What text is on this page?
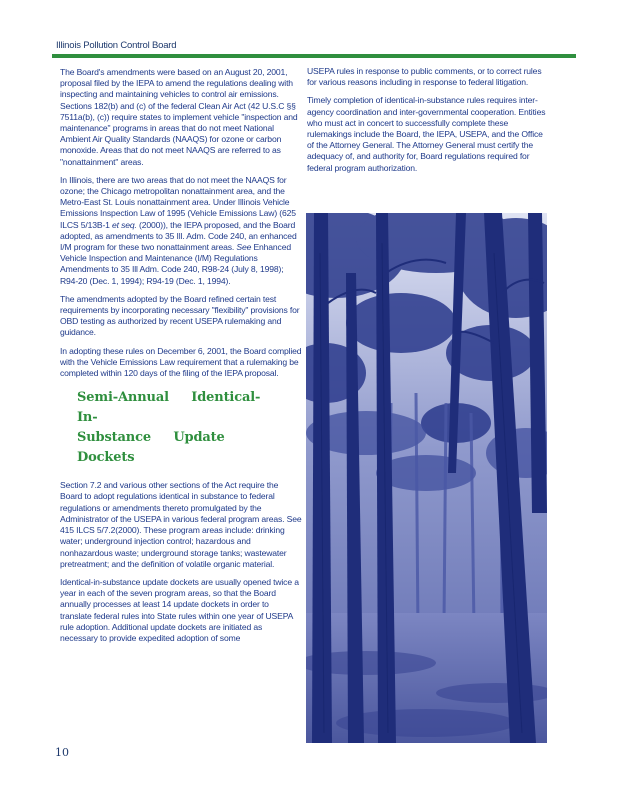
Illinois Pollution Control Board

The Board's amendments were based on an August 20, 2001, proposal filed by the IEPA to amend the regulations dealing with inspecting and maintaining vehicles to control air emissions. Sections 182(b) and (c) of the federal Clean Air Act (42 U.S.C §§ 7511a(b), (c)) require states to implement vehicle "inspection and maintenance" programs in areas that do not meet National Ambient Air Quality Standards (NAAQS) for ozone or carbon monoxide. Areas that do not meet NAAQS are referred to as "nonattainment" areas.

In Illinois, there are two areas that do not meet the NAAQS for ozone; the Chicago metropolitan nonattainment area, and the Metro-East St. Louis nonattainment area. Under Illinois Vehicle Emissions Inspection Law of 1995 (Vehicle Emissions Law) (625 ILCS 5/13B-1 et seq. (2000)), the IEPA proposed, and the Board adopted, as amendments to 35 Ill. Adm. Code 240, an enhanced I/M program for these two nonattainment areas. See Enhanced Vehicle Inspection and Maintenance (I/M) Regulations Amendments to 35 Ill Adm. Code 240, R98-24 (July 8, 1998); R94-20 (Dec. 1, 1994); R94-19 (Dec. 1, 1994).

The amendments adopted by the Board refined certain test requirements by incorporating necessary "flexibility" provisions for OBD testing as authorized by recent USEPA rulemaking and guidance.

In adopting these rules on December 6, 2001, the Board complied with the Vehicle Emissions Law requirement that a rulemaking be completed within 120 days of the filing of the IEPA proposal.

Semi-Annual Identical-In-
Substance Update Dockets

Section 7.2 and various other sections of the Act require the Board to adopt regulations identical in substance to federal regulations or amendments thereto promulgated by the Administrator of the USEPA in various federal program areas. See 415 ILCS 5/7.2(2000). These program areas include: drinking water; underground injection control; hazardous and nonhazardous waste; underground storage tanks; wastewater pretreatment; and the definition of volatile organic material.

Identical-in-substance update dockets are usually opened twice a year in each of the seven program areas, so that the Board annually processes at least 14 update dockets in order to translate federal rules into State rules within one year of USEPA rule adoption. Additional update dockets are initiated as necessary to provide expedited adoption of some

USEPA rules in response to public comments, or to correct rules for various reasons including in response to federal litigation.

Timely completion of identical-in-substance rules requires inter-agency coordination and inter-governmental cooperation. Entities who must act in concert to successfully complete these rulemakings include the Board, the IEPA, USEPA, and the Office of the Attorney General. The Attorney General must certify the adequacy of, and authority for, Board regulations required for federal program authorization.

10
